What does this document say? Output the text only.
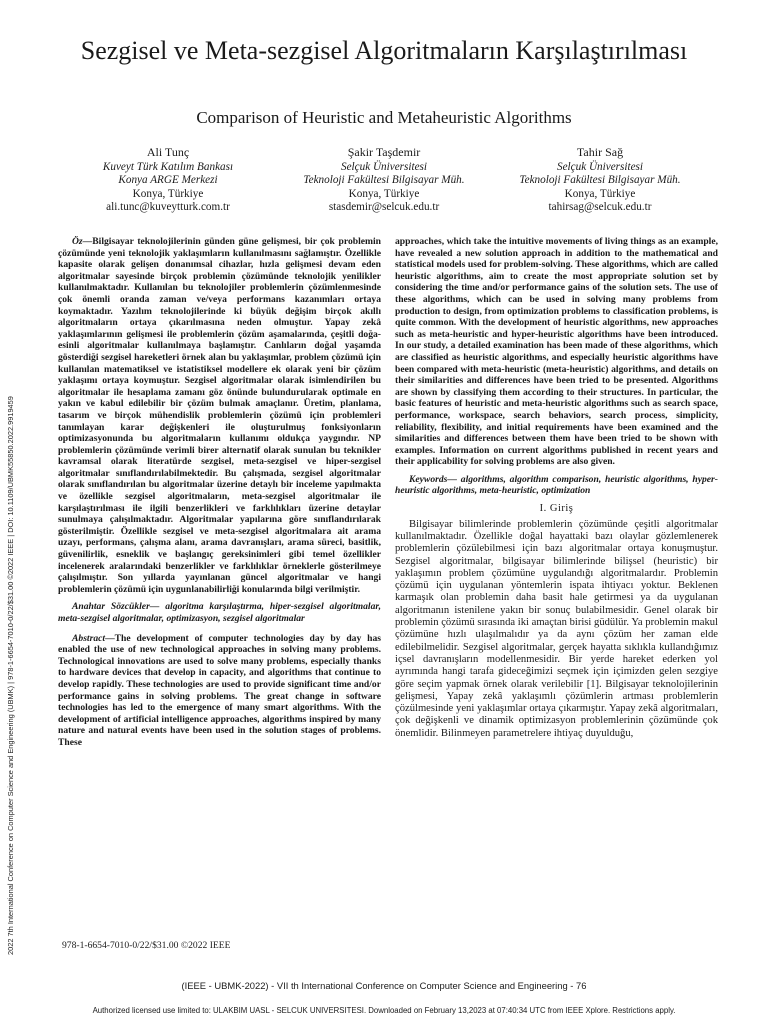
Sezgisel ve Meta-sezgisel Algoritmaların Karşılaştırılması
Comparison of Heuristic and Metaheuristic Algorithms
Ali Tunç
Kuveyt Türk Katılım Bankası
Konya ARGE Merkezi
Konya, Türkiye
ali.tunc@kuveytturk.com.tr
Şakir Taşdemir
Selçuk Üniversitesi
Teknoloji Fakültesi Bilgisayar Müh.
Konya, Türkiye
stasdemir@selcuk.edu.tr
Tahir Sağ
Selçuk Üniversitesi
Teknoloji Fakültesi Bilgisayar Müh.
Konya, Türkiye
tahirsag@selcuk.edu.tr

Öz—Bilgisayar teknolojilerinin günden güne gelişmesi, bir çok problemin çözümünde yeni teknolojik yaklaşımların kullanılmasını sağlamıştır. Özellikle kapasite olarak gelişen donanımsal cihazlar, hızla gelişmesi devam eden algoritmalar sayesinde birçok problemin çözümünde teknolojik yenilikler kullanılmaktadır. Kullanılan bu teknolojiler problemlerin çözümlenmesinde çok önemli oranda zaman ve/veya performans kazanımları ortaya koymaktadır. Yazılım teknolojilerinde ki büyük değişim birçok akıllı algoritmaların ortaya çıkarılmasına neden olmuştur. Yapay zekâ yaklaşımlarının gelişmesi ile problemlerin çözüm aşamalarında, çeşitli doğa-esinli algoritmalar kullanılmaya başlamıştır. Canlıların doğal yaşamda gösterdiği sezgisel hareketleri örnek alan bu yaklaşımlar, problem çözümü için kullanılan matematiksel ve istatistiksel modellere ek olarak yeni bir çözüm yaklaşımı ortaya koymuştur. Sezgisel algoritmalar olarak isimlendirilen bu algoritmalar ile hesaplama zamanı göz önünde bulundurularak optimale en yakın ve kabul edilebilir bir çözüm bulmak amaçlanır. Üretim, planlama, tasarım ve birçok mühendislik problemlerin çözümü için problemleri tanımlayan karar değişkenleri ile oluşturulmuş fonksiyonların optimizasyonunda bu algoritmaların kullanımı oldukça yaygındır. NP problemlerin çözümünde verimli birer alternatif olarak sunulan bu teknikler kavramsal olarak literatürde sezgisel, meta-sezgisel ve hiper-sezgisel algoritmalar sınıflandırılabilmektedir. Bu çalışmada, sezgisel algoritmalar olarak sınıflandırılan bu algoritmalar üzerine detaylı bir inceleme yapılmakta ve özellikle sezgisel algoritmaların, meta-sezgisel algoritmalar ile karşılaştırılması ile ilgili benzerlikleri ve farklılıkları üzerine detaylar sunulmaya çalışılmaktadır. Algoritmalar yapılarına göre sınıflandırılarak gösterilmiştir. Özellikle sezgisel ve meta-sezgisel algoritmalara ait arama uzayı, performans, çalışma alanı, arama davranışları, arama süreci, basitlik, güvenilirlik, esneklik ve başlangıç gereksinimleri gibi temel özellikler incelenerek aralarındaki benzerlikler ve farklılıklar örneklerle gösterilmeye çalışılmıştır. Son yıllarda yayınlanan güncel algoritmalar ve hangi problemlerin çözümü için uygunlanabilirliği konularında bilgi verilmiştir.

Anahtar Sözcükler— algoritma karşılaştırma, hiper-sezgisel algoritmalar, meta-sezgisel algoritmalar, optimizasyon, sezgisel algoritmalar

Abstract—The development of computer technologies day by day has enabled the use of new technological approaches in solving many problems. Technological innovations are used to solve many problems, especially thanks to hardware devices that develop in capacity, and algorithms that continue to develop rapidly. These technologies are used to provide significant time and/or performance gains in solving problems. The great change in software technologies has led to the emergence of many smart algorithms. With the development of artificial intelligence approaches, algorithms inspired by many nature and natural events have been used in the solution stages of problems. These

approaches, which take the intuitive movements of living things as an example, have revealed a new solution approach in addition to the mathematical and statistical models used for problem-solving. These algorithms, which are called heuristic algorithms, aim to create the most appropriate solution set by considering the time and/or performance gains of the solution sets. The use of these algorithms, which can be used in solving many problems from production to design, from optimization problems to classification problems, is quite common. With the development of heuristic algorithms, new approaches such as meta-heuristic and hyper-heuristic algorithms have been introduced. In our study, a detailed examination has been made of these algorithms, which are classified as heuristic algorithms, and especially heuristic algorithms have been compared with meta-heuristic (meta-heuristic) algorithms, and details on their similarities and differences have been tried to be presented. Algorithms are shown by classifying them according to their structures. In particular, the basic features of heuristic and meta-heuristic algorithms such as search space, performance, workspace, search behaviors, search process, simplicity, reliability, flexibility, and initial requirements have been examined and the similarities and differences between them have been tried to be shown with examples. Information on current algorithms published in recent years and their applicability for solving problems are also given.

Keywords— algorithms, algorithm comparison, heuristic algorithms, hyper-heuristic algorithms, meta-heuristic, optimization

I. Giriş

Bilgisayar bilimlerinde problemlerin çözümünde çeşitli algoritmalar kullanılmaktadır. Özellikle doğal hayattaki bazı olaylar gözlemlenerek problemlerin çözülebilmesi için bazı algoritmalar ortaya konuşmuştur. Sezgisel algoritmalar, bilgisayar bilimlerinde bilişsel (heuristic) bir yaklaşımın problem çözümüne uygulandığı algoritmalardır. Problemin çözümü için uygulanan yöntemlerin ispata ihtiyacı yoktur. Beklenen karmaşık olan problemin daha basit hale getirmesi ya da uygulanan algoritmanın istenilene yakın bir sonuç bulabilmesidir. Genel olarak bir problemin çözümü sırasında iki amaçtan birisi güdülür. Ya problemin makul çözümüne hızlı ulaşılmalıdır ya da aynı çözüm her zaman elde edilebilmelidir. Sezgisel algoritmalar, gerçek hayatta sıklıkla kullandığımız içsel davranışların modellenmesidir. Bir yerde hareket ederken yol ayrımında hangi tarafa gideceğimizi seçmek için içimizden gelen sezgiye göre seçim yapmak örnek olarak verilebilir [1]. Bilgisayar teknolojilerinin gelişmesi, Yapay zekâ yaklaşımlı çözümlerin artması problemlerin çözülmesinde yeni yaklaşımlar ortaya çıkarmıştır. Yapay zekâ algoritmaları, çok değişkenli ve dinamik optimizasyon problemlerinin çözümünde çok önemlidir. Bilinmeyen parametrelere ihtiyaç duyulduğu,

2022 7th International Conference on Computer Science and Engineering (UBMK) | 978-1-6654-7010-0/22/$31.00 ©2022 IEEE | DOI: 10.1109/UBMK55850.2022.9919459	978-1-6654-7010-0/22/$31.00 ©2022 IEEE
(IEEE - UBMK-2022) - VII th International Conference on Computer Science and Engineering - 76
Authorized licensed use limited to: ULAKBIM UASL - SELCUK UNIVERSITESI. Downloaded on February 13,2023 at 07:40:34 UTC from IEEE Xplore. Restrictions apply.
